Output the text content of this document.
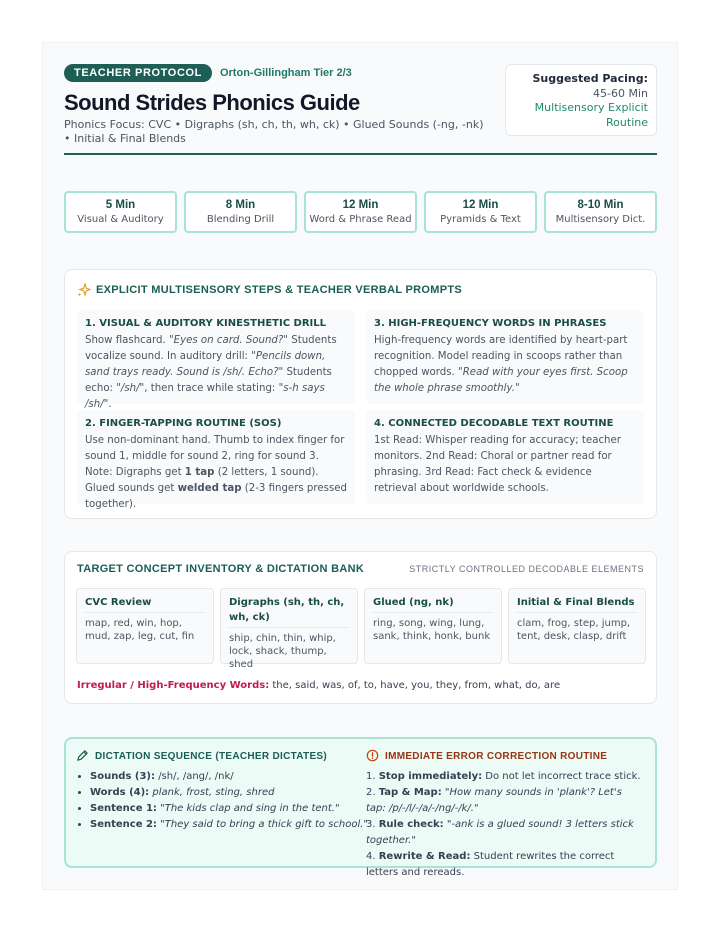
TEACHER PROTOCOL	Orton-Gillingham Tier 2/3
Sound Strides Phonics Guide
Phonics Focus: CVC • Digraphs (sh, ch, th, wh, ck) • Glued Sounds (-ng, -nk) • Initial & Final Blends
Suggested Pacing: 45-60 Min
Multisensory Explicit Routine
5 Min
Visual & Auditory
8 Min
Blending Drill
12 Min
Word & Phrase Read
12 Min
Pyramids & Text
8-10 Min
Multisensory Dict.
EXPLICIT MULTISENSORY STEPS & TEACHER VERBAL PROMPTS
1. VISUAL & AUDITORY KINESTHETIC DRILL
Show flashcard. "Eyes on card. Sound?" Students vocalize sound. In auditory drill: "Pencils down, sand trays ready. Sound is /sh/. Echo?" Students echo: "/sh/", then trace while stating: "s-h says /sh/".
3. HIGH-FREQUENCY WORDS IN PHRASES
High-frequency words are identified by heart-part recognition. Model reading in scoops rather than chopped words. "Read with your eyes first. Scoop the whole phrase smoothly."
2. FINGER-TAPPING ROUTINE (SOS)
Use non-dominant hand. Thumb to index finger for sound 1, middle for sound 2, ring for sound 3. Note: Digraphs get 1 tap (2 letters, 1 sound). Glued sounds get welded tap (2-3 fingers pressed together).
4. CONNECTED DECODABLE TEXT ROUTINE
1st Read: Whisper reading for accuracy; teacher monitors. 2nd Read: Choral or partner read for phrasing. 3rd Read: Fact check & evidence retrieval about worldwide schools.
TARGET CONCEPT INVENTORY & DICTATION BANK	STRICTLY CONTROLLED DECODABLE ELEMENTS
CVC Review

map, red, win, hop, mud, zap, leg, cut, fin

Digraphs (sh, th, ch, wh, ck)

ship, chin, thin, whip, lock, shack, thump, shed

Glued (ng, nk)

ring, song, wing, lung, sank, think, honk, bunk

Initial & Final Blends

clam, frog, step, jump, tent, desk, clasp, drift

Irregular / High-Frequency Words: the, said, was, of, to, have, you, they, from, what, do, are
DICTATION SEQUENCE (TEACHER DICTATES)
• Sounds (3): /sh/, /ang/, /nk/
• Words (4): plank, frost, sting, shred
• Sentence 1: "The kids clap and sing in the tent."
• Sentence 2: "They said to bring a thick gift to school."
IMMEDIATE ERROR CORRECTION ROUTINE
1. Stop immediately: Do not let incorrect trace stick.
2. Tap & Map: "How many sounds in 'plank'? Let's tap: /p/-/l/-/a/-/ng/-/k/."
3. Rule check: "-ank is a glued sound! 3 letters stick together."
4. Rewrite & Read: Student rewrites the correct letters and rereads.
